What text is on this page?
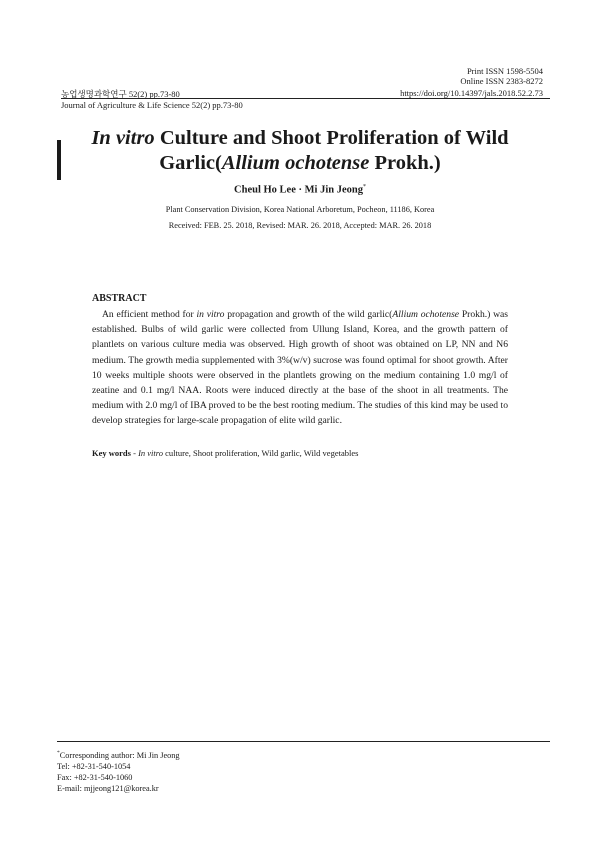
Print ISSN 1598-5504
Online ISSN 2383-8272
https://doi.org/10.14397/jals.2018.52.2.73
농업생명과학연구 52(2) pp.73-80
Journal of Agriculture & Life Science 52(2) pp.73-80
In vitro Culture and Shoot Proliferation of Wild
Garlic(Allium ochotense Prokh.)
Cheul Ho Lee · Mi Jin Jeong*
Plant Conservation Division, Korea National Arboretum, Pocheon, 11186, Korea
Received: FEB. 25. 2018, Revised: MAR. 26. 2018, Accepted: MAR. 26. 2018
ABSTRACT

An efficient method for in vitro propagation and growth of the wild garlic(Allium ochotense Prokh.) was established. Bulbs of wild garlic were collected from Ullung Island, Korea, and the growth pattern of plantlets on various culture media was observed. High growth of shoot was obtained on LP, NN and N6 medium. The growth media supplemented with 3%(w/v) sucrose was found optimal for shoot growth. After 10 weeks multiple shoots were observed in the plantlets growing on the medium containing 1.0 mg/l of zeatine and 0.1 mg/l NAA. Roots were induced directly at the base of the shoot in all treatments. The medium with 2.0 mg/l of IBA proved to be the best rooting medium. The studies of this kind may be used to develop strategies for large-scale propagation of elite wild garlic.

Key words - In vitro culture, Shoot proliferation, Wild garlic, Wild vegetables
*Corresponding author: Mi Jin Jeong
Tel: +82-31-540-1054
Fax: +82-31-540-1060
E-mail: mjjeong121@korea.kr
